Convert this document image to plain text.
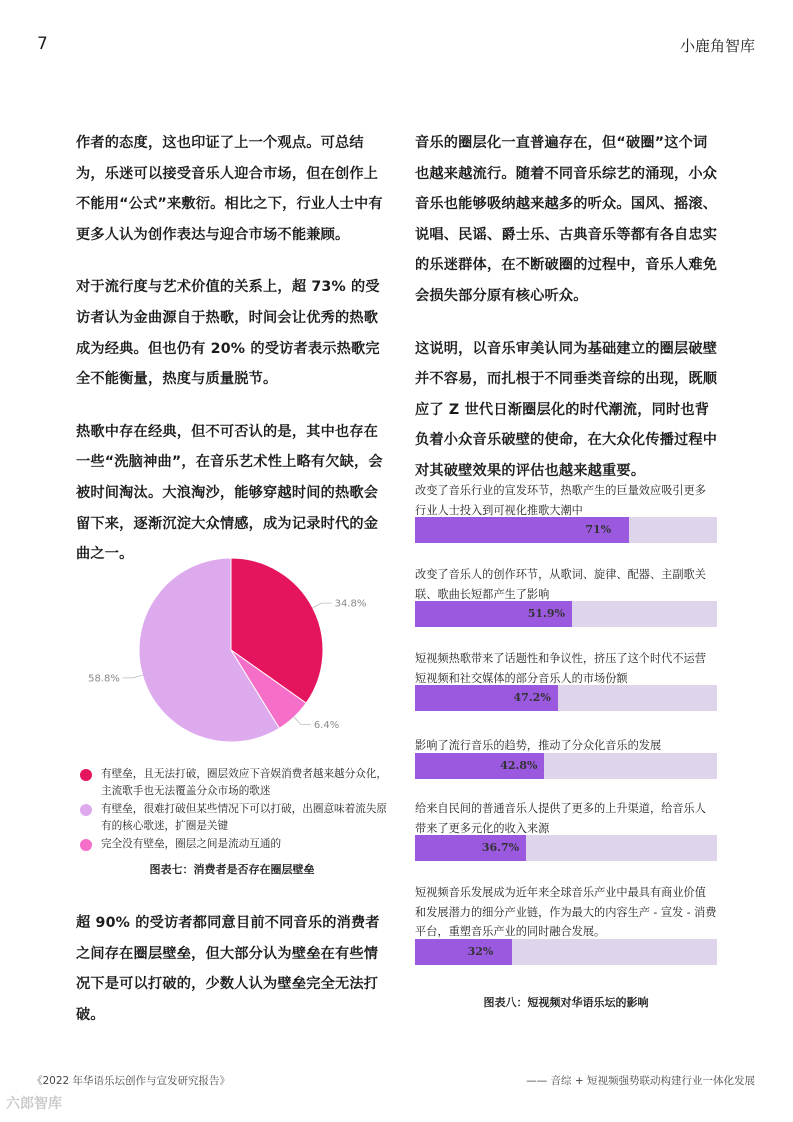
7	小鹿角智库

作者的态度，这也印证了上一个观点。可总结为，乐迷可以接受音乐人迎合市场，但在创作上不能用“公式”来敷衍。相比之下，行业人士中有更多人认为创作表达与迎合市场不能兼顾。

对于流行度与艺术价值的关系上，超 73% 的受访者认为金曲源自于热歌，时间会让优秀的热歌成为经典。但也仍有 20% 的受访者表示热歌完全不能衡量，热度与质量脱节。

热歌中存在经典，但不可否认的是，其中也存在一些“洗脑神曲”，在音乐艺术性上略有欠缺，会被时间淘汰。大浪淘沙，能够穿越时间的热歌会留下来，逐渐沉淀大众情感，成为记录时代的金曲之一。

音乐的圈层化一直普遍存在，但“破圈”这个词也越来越流行。随着不同音乐综艺的涌现，小众音乐也能够吸纳越来越多的听众。国风、摇滚、说唱、民谣、爵士乐、古典音乐等都有各自忠实的乐迷群体，在不断破圈的过程中，音乐人难免会损失部分原有核心听众。

这说明，以音乐审美认同为基础建立的圈层破壁并不容易，而扎根于不同垂类音综的出现，既顺应了 Z 世代日渐圈层化的时代潮流，同时也背负着小众音乐破壁的使命，在大众化传播过程中对其破壁效果的评估也越来越重要。

34.8%
6.4%
58.8%
有壁垒，且无法打破，圈层效应下音娱消费者越来越分众化，主流歌手也无法覆盖分众市场的歌迷
有壁垒，很难打破但某些情况下可以打破，出圈意味着流失原有的核心歌迷，扩圈是关键
完全没有壁垒，圈层之间是流动互通的
图表七：消费者是否存在圈层壁垒

超 90% 的受访者都同意目前不同音乐的消费者之间存在圈层壁垒，但大部分认为壁垒在有些情况下是可以打破的，少数人认为壁垒完全无法打破。

改变了音乐行业的宣发环节，热歌产生的巨量效应吸引更多行业人士投入到可视化推歌大潮中
71%
改变了音乐人的创作环节，从歌词、旋律、配器、主副歌关联、歌曲长短都产生了影响
51.9%
短视频热歌带来了话题性和争议性，挤压了这个时代不运营短视频和社交媒体的部分音乐人的市场份额
47.2%
影响了流行音乐的趋势，推动了分众化音乐的发展
42.8%
给来自民间的普通音乐人提供了更多的上升渠道，给音乐人带来了更多元化的收入来源
36.7%
短视频音乐发展成为近年来全球音乐产业中最具有商业价值和发展潜力的细分产业链，作为最大的内容生产 - 宣发 - 消费平台，重塑音乐产业的同时融合发展。
32%
图表八：短视频对华语乐坛的影响
《2022 年华语乐坛创作与宣发研究报告》	—— 音综 + 短视频强势联动构建行业一体化发展
六郎智库
